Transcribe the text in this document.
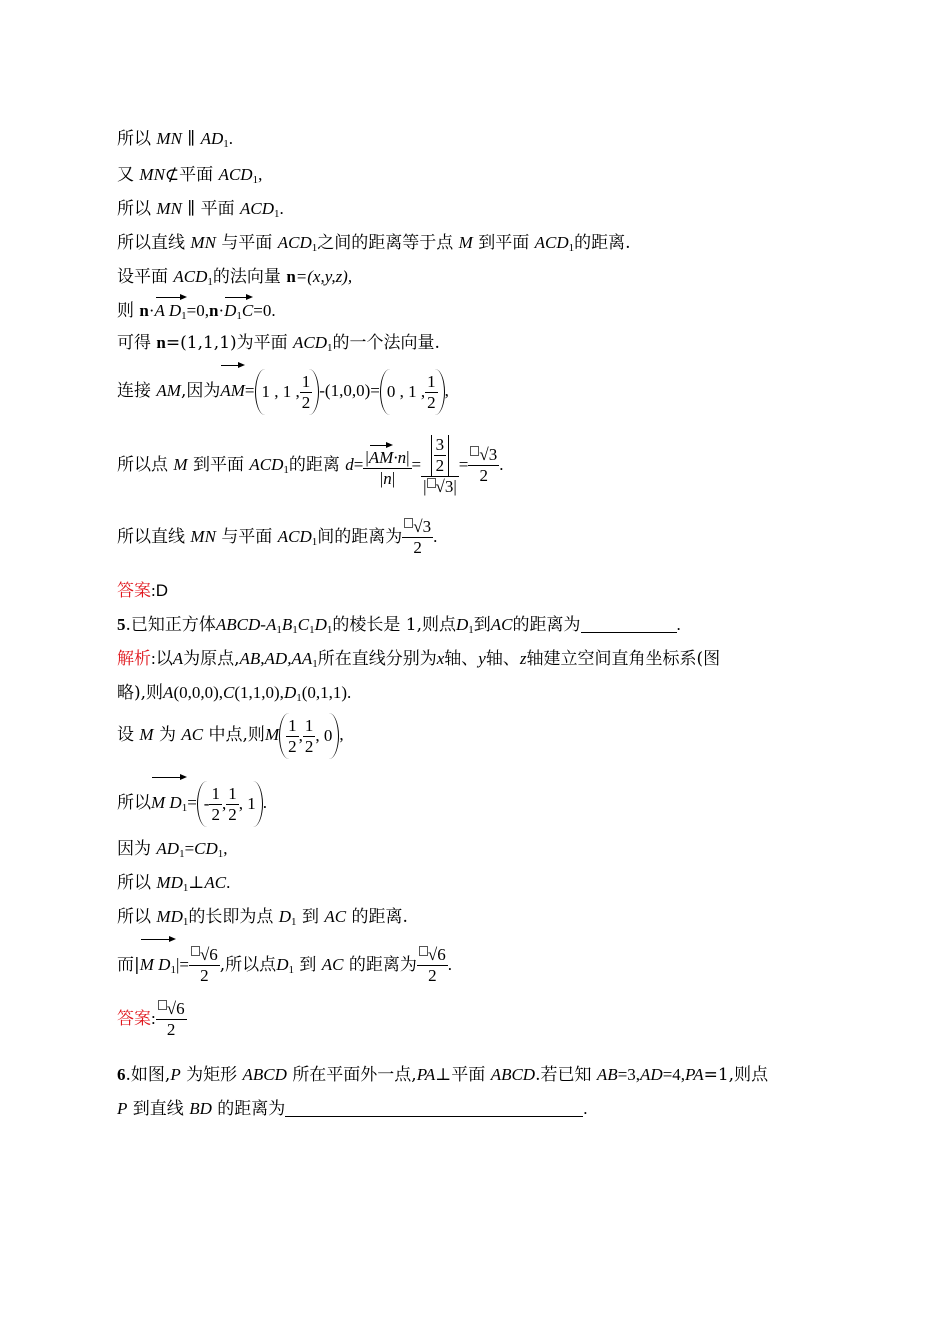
所以 MN ∥ $AD_1$.
又 MN⊄平面 $ACD_1$,
所以 MN ∥ 平面 $ACD_1$.
所以直线 MN 与平面 $ACD_1$之间的距离等于点 M 到平面 $ACD_1$的距离.
设平面 $ACD_1$的法向量 n=(x,y,z),
则 n·A $D_1=0,n\cdot D_1C=0$.
可得 n=(1,1,1)为平面 $ACD_1$的一个法向量.
连接 AM,因为AM= 1 , 1 , $\frac{1}{2} -(1,0,0)= 0$ , 1 , $\frac{1}{2}$ ,
所以点 M 到平面 $ACD_1$的距离 $d= \frac{|AM\cdot n|}{|n|} = \frac{\frac{3}{2}}{| √3|} = \frac{√3}{2}$ .
所以直线 MN 与平面 $ACD_1$间的距离为 $\frac{√3}{2}$ .
答案:D
5.已知正方体ABCD-$A_1B_1C_1D_1$的棱长是 1,则点$D_1$到AC的距离为	.
解析:以A为原点$,AB,AD,AA_1$所在直线分别为x轴、y轴、z轴建立空间直角坐标系(图
略),则$A(0,0,0),C(1,1,0),D_1(0,1,1)$.
设 M 为 AC 中点,则M $\frac{1}{2}$ , $\frac{1}{2}$ , 0 ,
所以M $D_1= - \frac{1}{2}$ , $\frac{1}{2}$ , 1 .
因为 $AD_1=CD_1$,
所以 $MD_1\perp AC$.
所以 $MD_1$的长即为点 $D_1$ 到 AC 的距离.
而|M $D_1|= \frac{√6}{2}$ ,所以点$D_1$ 到 AC 的距离为 $\frac{√6}{2}$ .
答案: $\frac{√6}{2}$
6.如图,P 为矩形 ABCD 所在平面外一点,PA⊥平面 ABCD.若已知 AB=3,AD=4,PA=1,则点
P 到直线 BD 的距离为	.
